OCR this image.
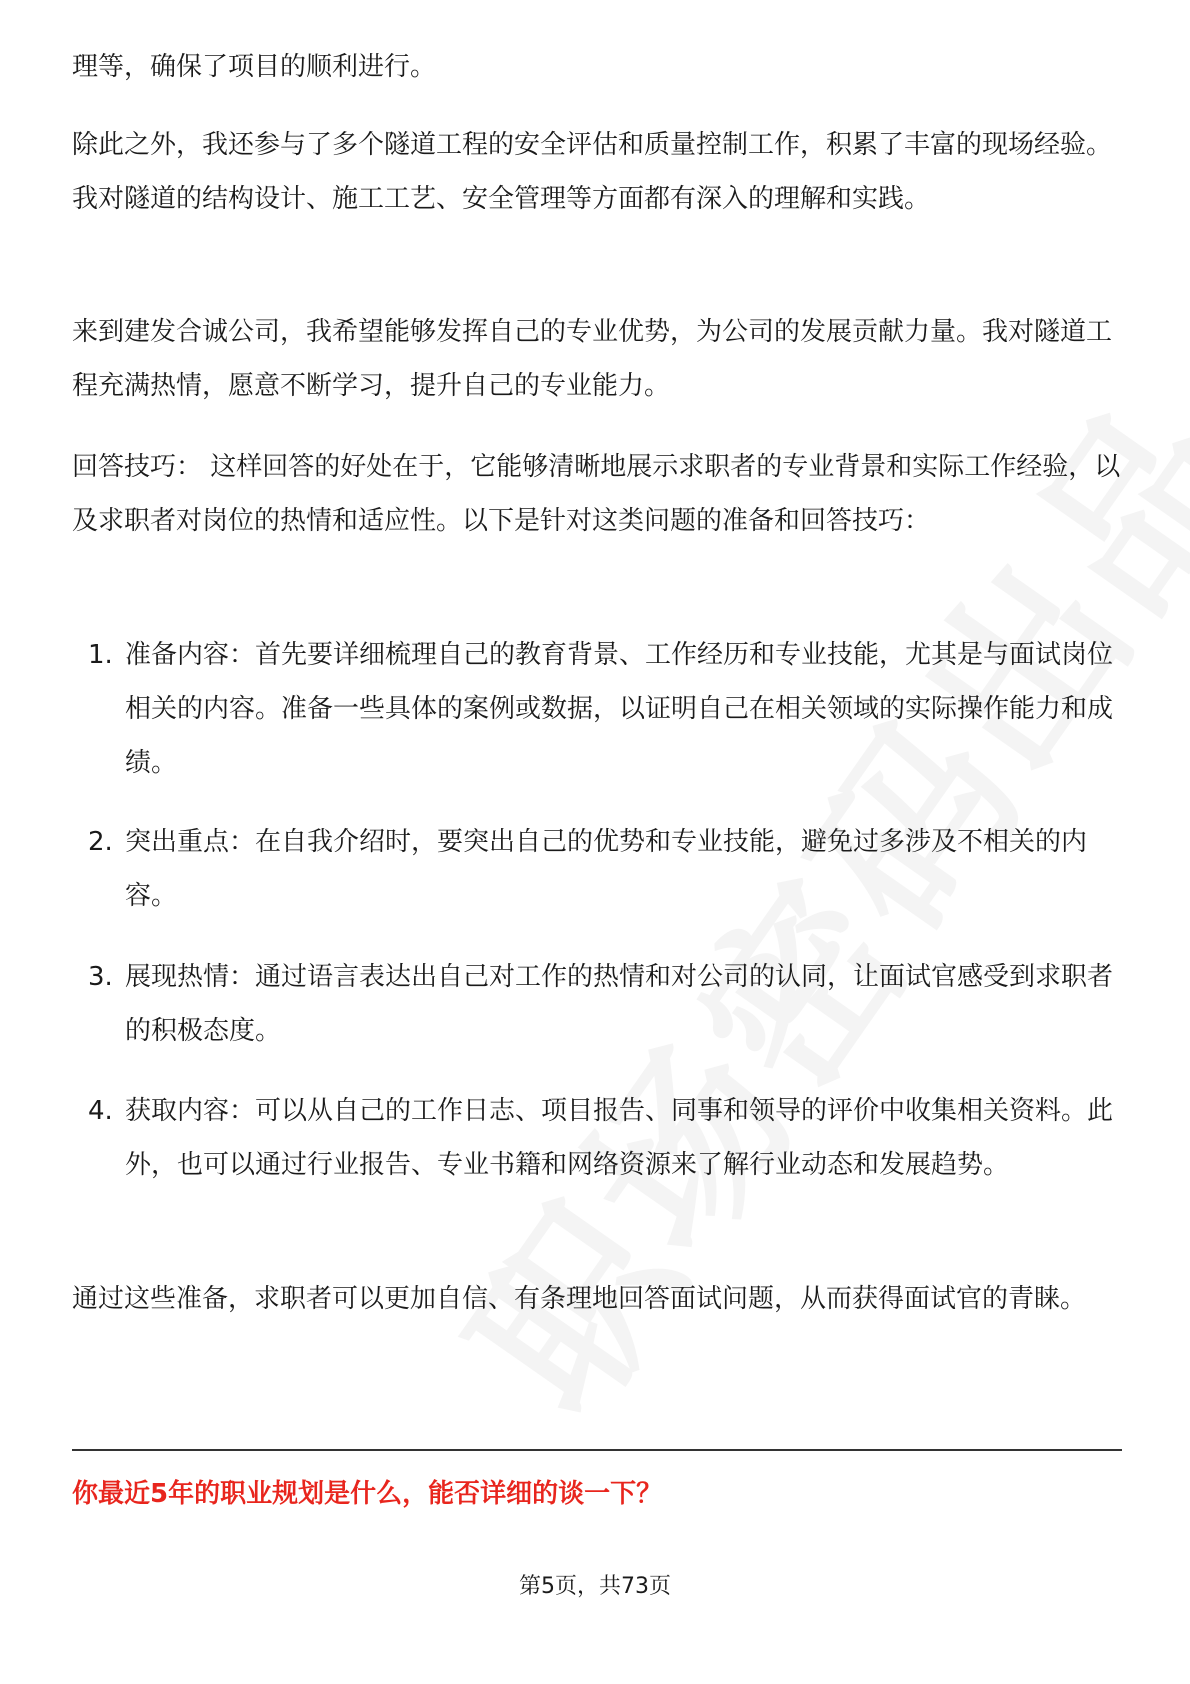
理等，确保了项目的顺利进行。

除此之外，我还参与了多个隧道工程的安全评估和质量控制工作，积累了丰富的现场经验。我对隧道的结构设计、施工工艺、安全管理等方面都有深入的理解和实践。

来到建发合诚公司，我希望能够发挥自己的专业优势，为公司的发展贡献力量。我对隧道工程充满热情，愿意不断学习，提升自己的专业能力。

回答技巧： 这样回答的好处在于，它能够清晰地展示求职者的专业背景和实际工作经验，以及求职者对岗位的热情和适应性。以下是针对这类问题的准备和回答技巧：

1. 准备内容：首先要详细梳理自己的教育背景、工作经历和专业技能，尤其是与面试岗位相关的内容。准备一些具体的案例或数据，以证明自己在相关领域的实际操作能力和成绩。
2. 突出重点：在自我介绍时，要突出自己的优势和专业技能，避免过多涉及不相关的内容。
3. 展现热情：通过语言表达出自己对工作的热情和对公司的认同，让面试官感受到求职者的积极态度。
4. 获取内容：可以从自己的工作日志、项目报告、同事和领导的评价中收集相关资料。此外，也可以通过行业报告、专业书籍和网络资源来了解行业动态和发展趋势。

通过这些准备，求职者可以更加自信、有条理地回答面试问题，从而获得面试官的青睐。

你最近5年的职业规划是什么，能否详细的谈一下？
第5页，共73页
